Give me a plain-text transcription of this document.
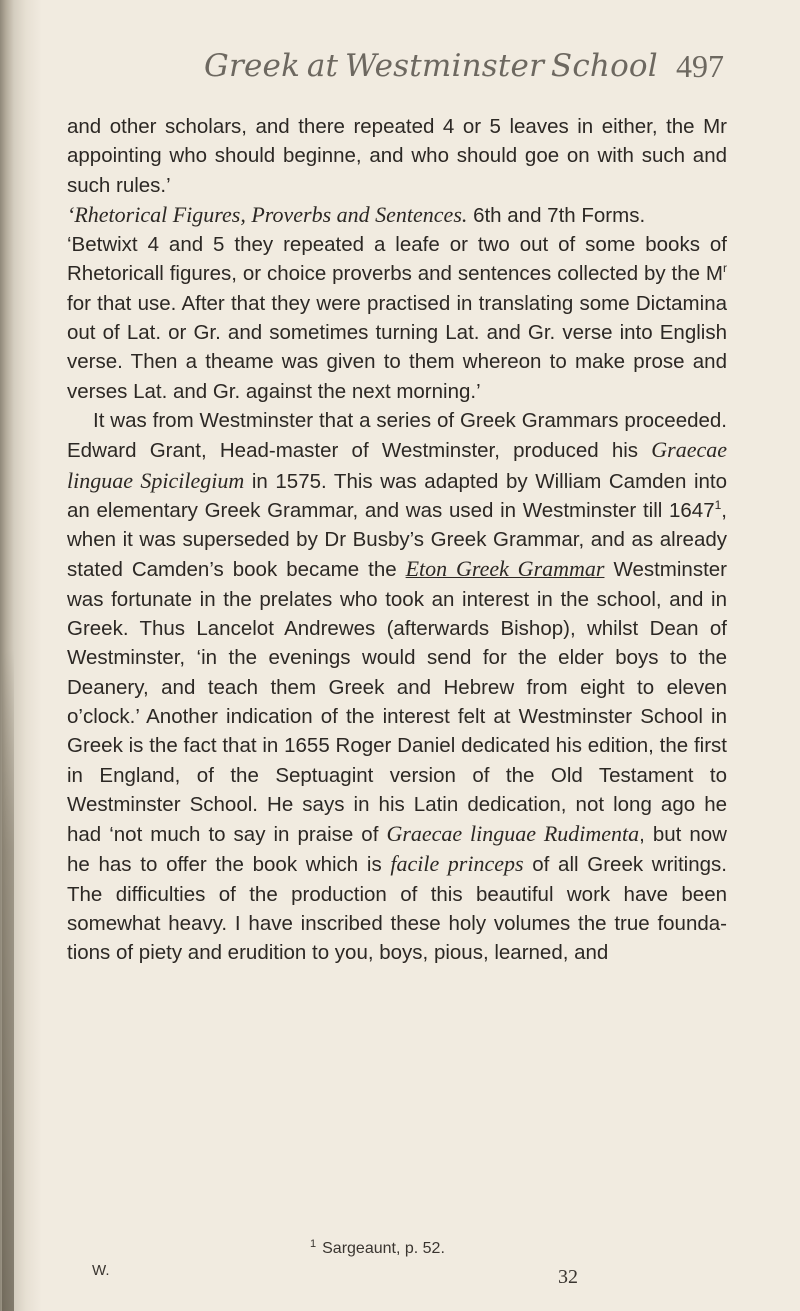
Greek at Westminster School 497

and other scholars, and there repeated 4 or 5 leaves in either, the Mr appointing who should beginne, and who should goe on with such and such rules.’

‘Rhetorical Figures, Proverbs and Sentences. 6th and 7th Forms.

‘Betwixt 4 and 5 they repeated a leafe or two out of some books of Rhetoricall figures, or choice proverbs and sentences collected by the $M^r$ for that use. After that they were practised in translating some Dictamina out of Lat. or Gr. and sometimes turning Lat. and Gr. verse into English verse. Then a theame was given to them whereon to make prose and verses Lat. and Gr. against the next morning.’

It was from Westminster that a series of Greek Grammars proceeded. Edward Grant, Head-master of Westminster, produced his Graecae linguae Spicilegium in 1575. This was adapted by William Camden into an elementary Greek Grammar, and was used in Westminster till 1647$^1$, when it was superseded by Dr Busby’s Greek Grammar, and as already stated Camden’s book became the Eton Greek Grammar Westminster was fortunate in the prelates who took an interest in the school, and in Greek. Thus Lancelot Andrewes (afterwards Bishop), whilst Dean of Westminster, ‘in the evenings would send for the elder boys to the Deanery, and teach them Greek and Hebrew from eight to eleven o’clock.’ Another indication of the interest felt at Westminster School in Greek is the fact that in 1655 Roger Daniel dedicated his edition, the first in England, of the Septuagint version of the Old Testament to Westminster School. He says in his Latin dedication, not long ago he had ‘not much to say in praise of Graecae linguae Rudimenta, but now he has to offer the book which is facile princeps of all Greek writings. The difficulties of the production of this beautiful work have been somewhat heavy. I have inscribed these holy volumes the true foundations of piety and erudition to you, boys, pious, learned, and

$^1$ Sargeaunt, p. 52.
W.	32
